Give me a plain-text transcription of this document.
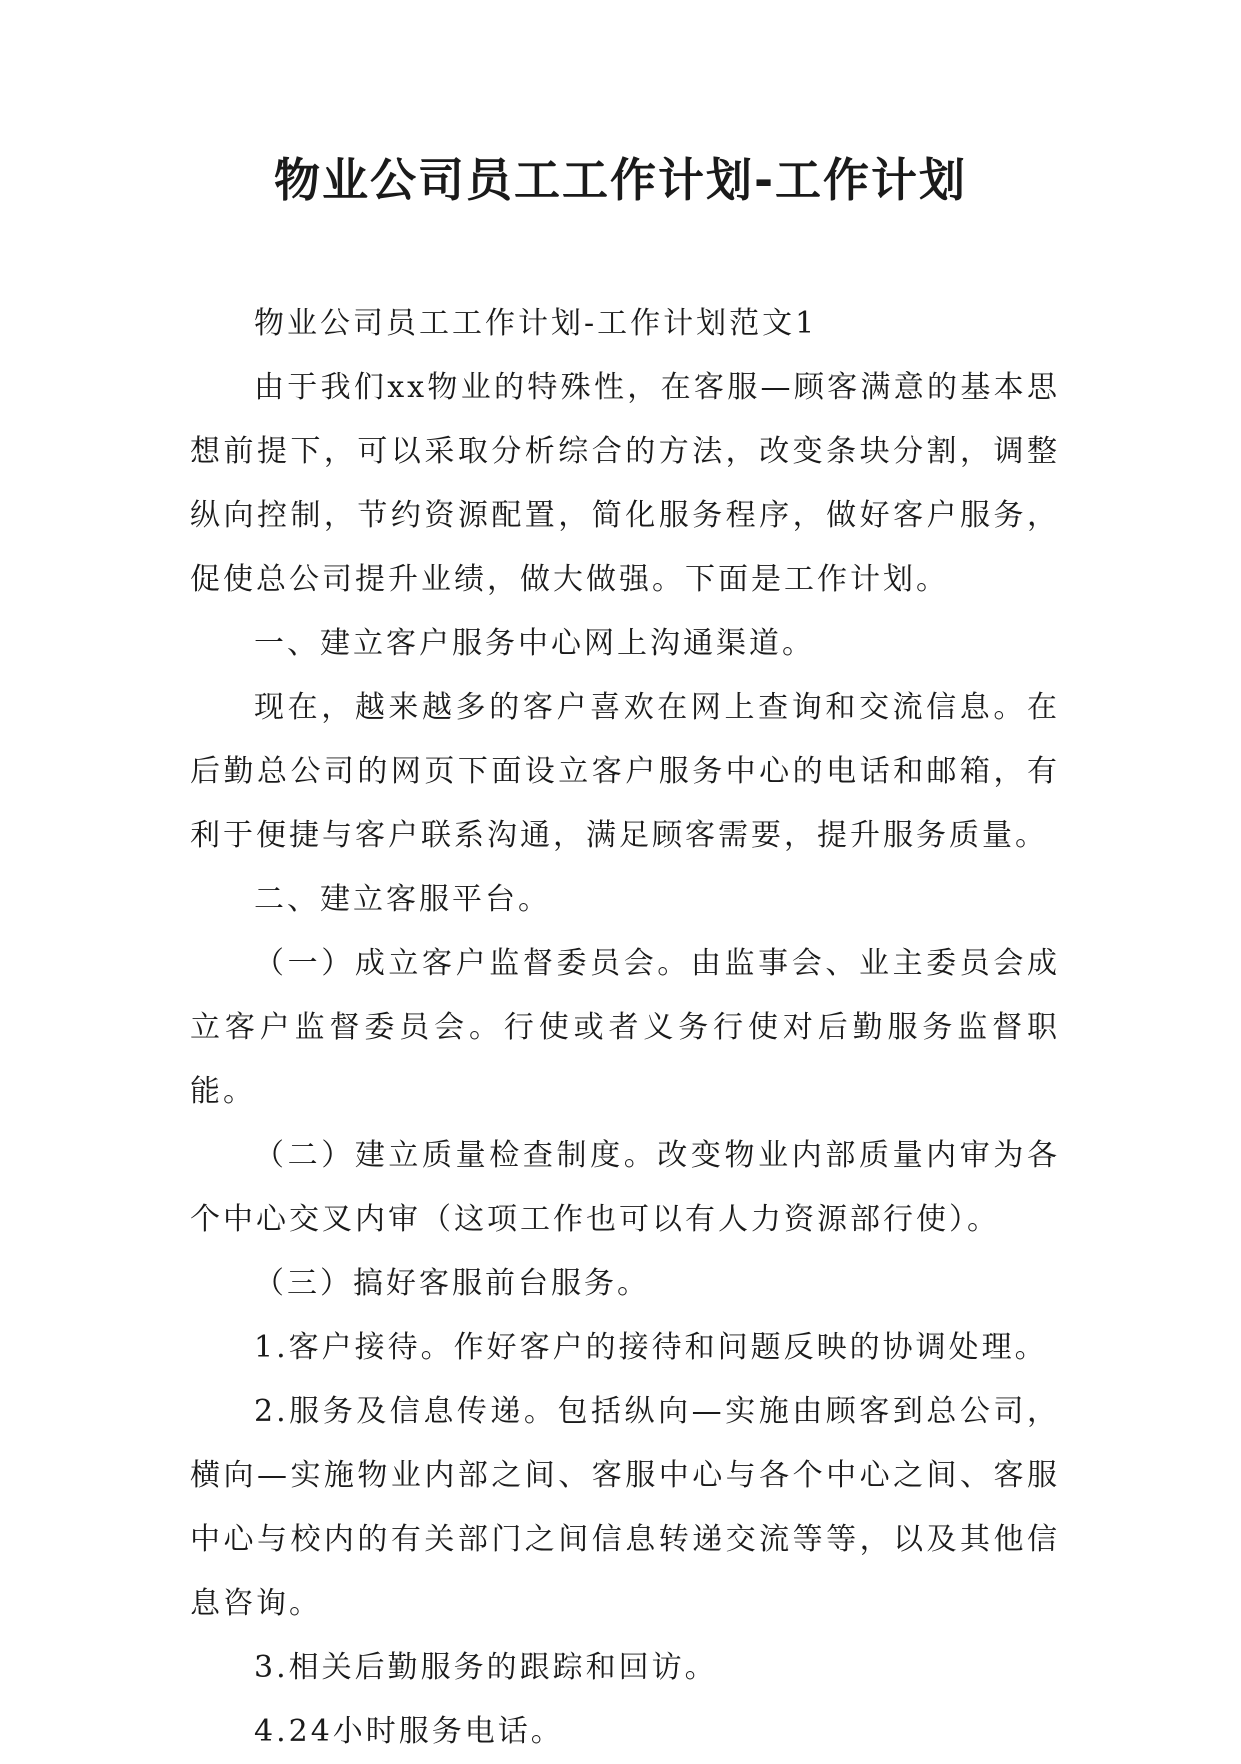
物业公司员工工作计划-工作计划

物业公司员工工作计划-工作计划范文1

由于我们xx物业的特殊性，在客服—顾客满意的基本思想前提下，可以采取分析综合的方法，改变条块分割，调整纵向控制，节约资源配置，简化服务程序，做好客户服务，促使总公司提升业绩，做大做强。下面是工作计划。

一、建立客户服务中心网上沟通渠道。

现在，越来越多的客户喜欢在网上查询和交流信息。在后勤总公司的网页下面设立客户服务中心的电话和邮箱，有利于便捷与客户联系沟通，满足顾客需要，提升服务质量。

二、建立客服平台。

（一）成立客户监督委员会。由监事会、业主委员会成立客户监督委员会。行使或者义务行使对后勤服务监督职能。

（二）建立质量检查制度。改变物业内部质量内审为各个中心交叉内审（这项工作也可以有人力资源部行使）。

（三）搞好客服前台服务。

1.客户接待。作好客户的接待和问题反映的协调处理。

2.服务及信息传递。包括纵向—实施由顾客到总公司，横向—实施物业内部之间、客服中心与各个中心之间、客服中心与校内的有关部门之间信息转递交流等等，以及其他信息咨询。

3.相关后勤服务的跟踪和回访。

4.24小时服务电话。
